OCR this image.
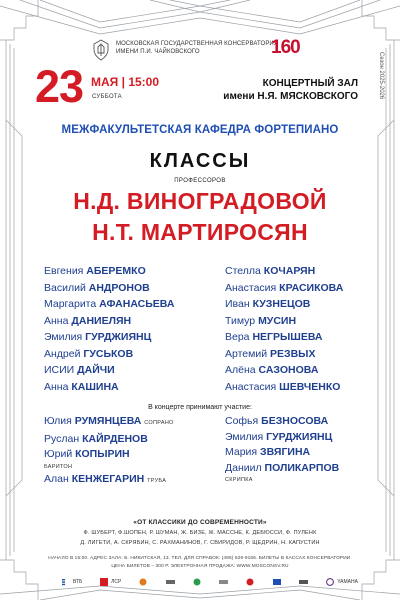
МОСКОВСКАЯ ГОСУДАРСТВЕННАЯ КОНСЕРВАТОРИЯ
ИМЕНИ П.И. ЧАЙКОВСКОГО	160
Сезон 2025-2026
23 МАЯ | 15:00
СУББОТА
КОНЦЕРТНЫЙ ЗАЛ
имени Н.Я. МЯСКОВСКОГО
МЕЖФАКУЛЬТЕТСКАЯ КАФЕДРА ФОРТЕПИАНО
КЛАССЫ
ПРОФЕССОРОВ
Н.Д. ВИНОГРАДОВОЙ
Н.Т. МАРТИРОСЯН
Евгения АБЕРЕМКО
Василий АНДРОНОВ
Маргарита АФАНАСЬЕВА
Анна ДАНИЕЛЯН
Эмилия ГУРДЖИЯНЦ
Андрей ГУСЬКОВ
ИСИИ ДАЙЧИ
Анна КАШИНА
Стелла КОЧАРЯН
Анастасия КРАСИКОВА
Иван КУЗНЕЦОВ
Тимур МУСИН
Вера НЕГРЫШЕВА
Артемий РЕЗВЫХ
Алёна САЗОНОВА
Анастасия ШЕВЧЕНКО
В концерте принимают участие:
Юлия РУМЯНЦЕВА СОПРАНО
Руслан КАЙРДЕНОВ
Юрий КОПЫРИН
БАРИТОН
Алан КЕНЖЕГАРИН ТРУБА
Софья БЕЗНОСОВА
Эмилия ГУРДЖИЯНЦ
Мария ЗВЯГИНА
Даниил ПОЛИКАРПОВ
СКРИПКА
«ОТ КЛАССИКИ ДО СОВРЕМЕННОСТИ»
Ф. ШУБЕРТ, Ф.ШОПЕН, Р. ШУМАН, Ж. БИЗЕ, Ж. МАССНЕ, К. ДЕБЮССИ, Ф. ПУЛЕНК
Д. ЛИГЕТИ, А. СКРЯБИН, С. РАХМАНИНОВ, Г. СВИРИДОВ, Р. ЩЕДРИН, Н. КАПУСТИН
НАЧАЛО В 15:00. АДРЕС ЗАЛА: Б. НИКИТСКАЯ, 13. ТЕЛ. ДЛЯ СПРАВОК: (495) 629-9166. БИЛЕТЫ В КАССАХ КОНСЕРВАТОРИИ.
ЦЕНА БИЛЕТОВ – 300 Р. ЭЛЕКТРОННАЯ ПРОДАЖА: WWW.MOSCONSV.RU
ВТБ	ЛСР	YAMAHA
